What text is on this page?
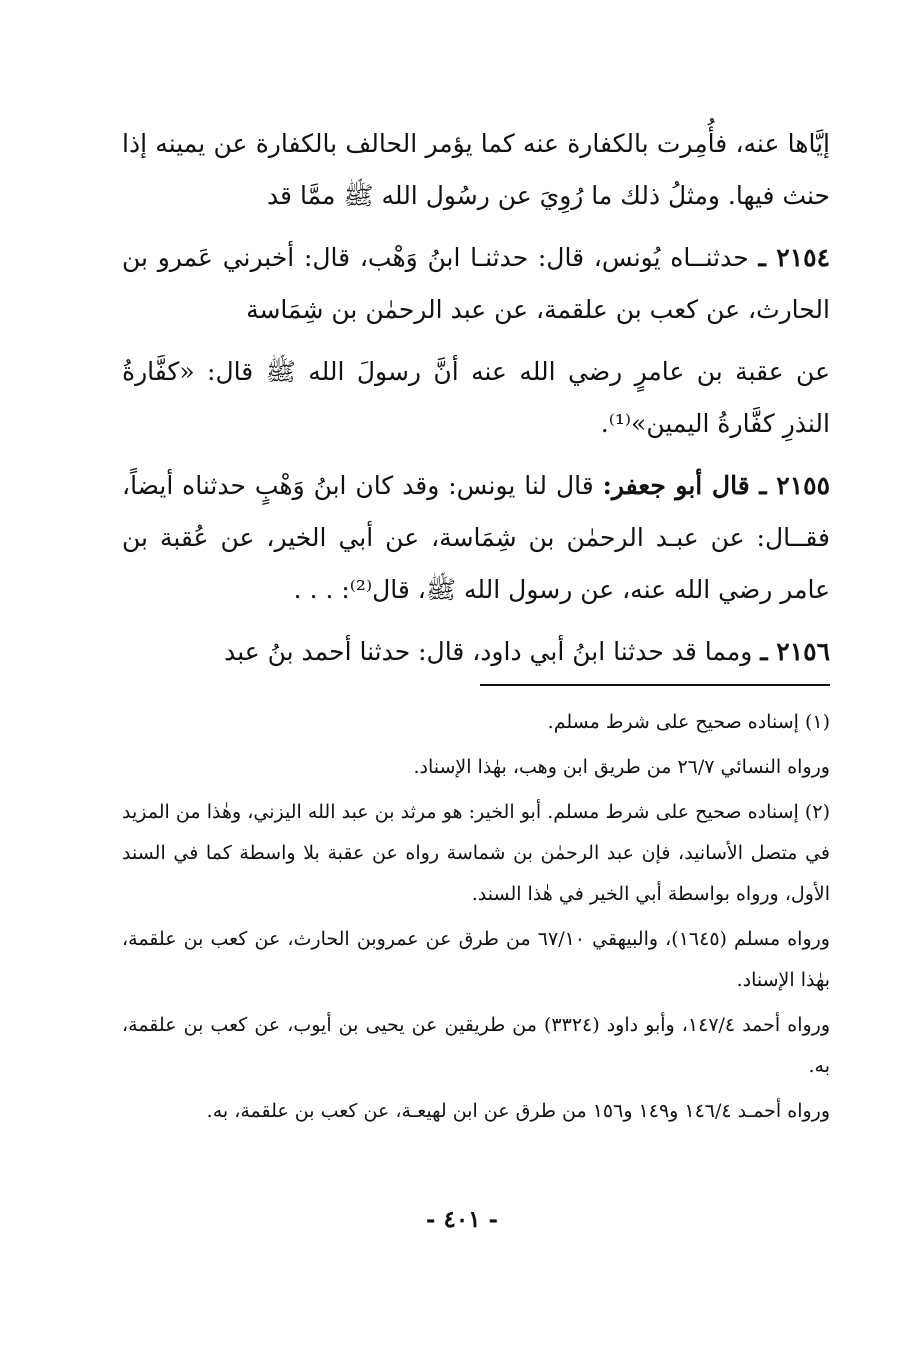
إيَّاها عنه، فأُمِرت بالكفارة عنه كما يؤمر الحالف بالكفارة عن يمينه إذا حنث فيها. ومثلُ ذلك ما رُوِيَ عن رسُول الله ﷺ ممَّا قد

٢١٥٤ ـ حدثنــاه يُونس، قال: حدثنـا ابنُ وَهْب، قال: أخبرني عَمرو بن الحارث، عن كعب بن علقمة، عن عبد الرحمٰن بن شِمَاسة

عن عقبة بن عامرٍ رضي الله عنه أنَّ رسولَ الله ﷺ قال: «كفَّارةُ النذرِ كفَّارةُ اليمين»⁽¹⁾.

٢١٥٥ ـ قال أبو جعفر: قال لنا يونس: وقد كان ابنُ وَهْبٍ حدثناه أيضاً، فقــال: عن عبـد الرحمٰن بن شِمَاسة، عن أبي الخير، عن عُقبة بن عامر رضي الله عنه، عن رسول الله ﷺ، قال⁽²⁾: . . .

٢١٥٦ ـ ومما قد حدثنا ابنُ أبي داود، قال: حدثنا أحمد بنُ عبد

(١) إسناده صحيح على شرط مسلم.

ورواه النسائي ٢٦/٧ من طريق ابن وهب، بهٰذا الإسناد.

(٢) إسناده صحيح على شرط مسلم. أبو الخير: هو مرثد بن عبد الله اليزني، وهٰذا من المزيد في متصل الأسانيد، فإن عبد الرحمٰن بن شماسة رواه عن عقبة بلا واسطة كما في السند الأول، ورواه بواسطة أبي الخير في هٰذا السند.

ورواه مسلم (١٦٤٥)، والبيهقي ٦٧/١٠ من طرق عن عمروبن الحارث، عن كعب بن علقمة، بهٰذا الإسناد.

ورواه أحمد ١٤٧/٤، وأبو داود (٣٣٢٤) من طريقين عن يحيى بن أيوب، عن كعب بن علقمة، به.

ورواه أحمـد ١٤٦/٤ و١٤٩ و١٥٦ من طرق عن ابن لهيعـة، عن كعب بن علقمة، به.

- ٤٠١ -
